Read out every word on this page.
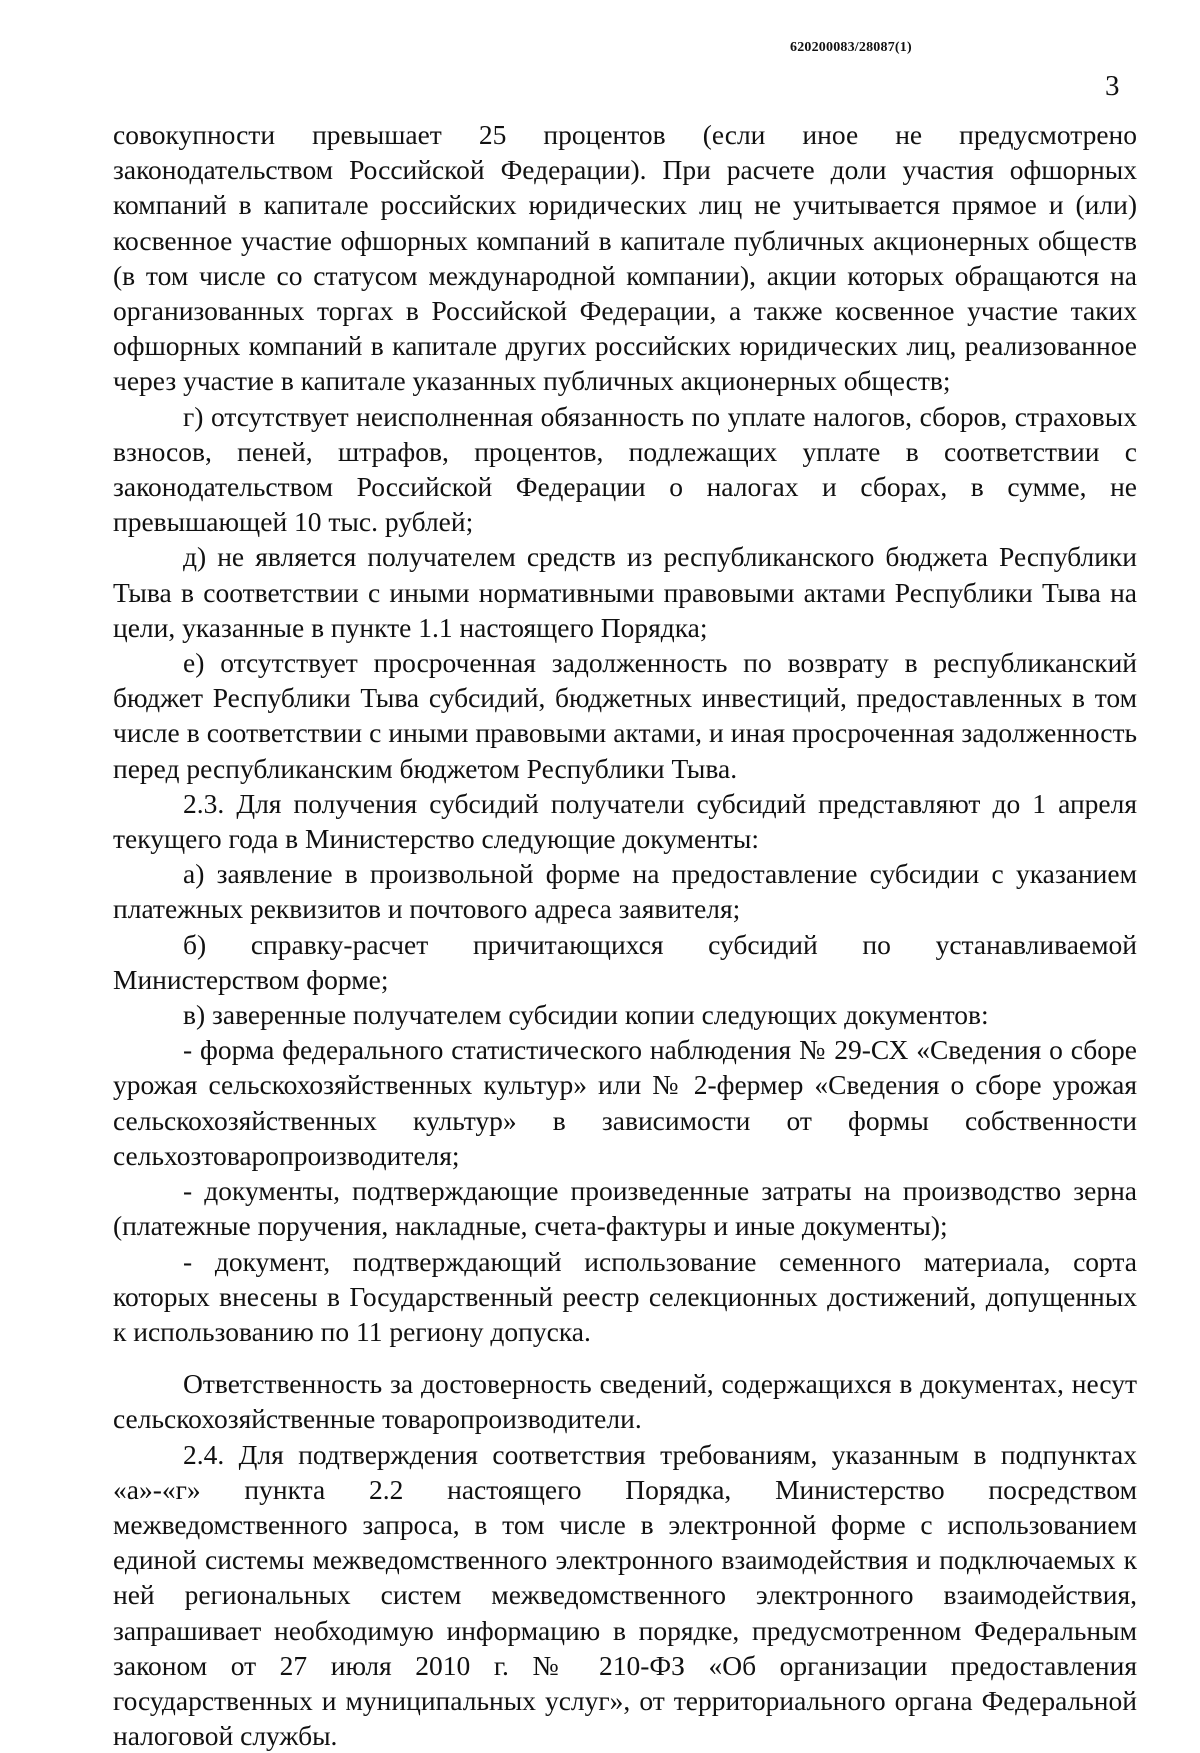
620200083/28087(1)
3

совокупности превышает 25 процентов (если иное не предусмотрено законодательством Российской Федерации). При расчете доли участия офшорных компаний в капитале российских юридических лиц не учитывается прямое и (или) косвенное участие офшорных компаний в капитале публичных акционерных обществ (в том числе со статусом международной компании), акции которых обращаются на организованных торгах в Российской Федерации, а также косвенное участие таких офшорных компаний в капитале других российских юридических лиц, реализованное через участие в капитале указанных публичных акционерных обществ;

г) отсутствует неисполненная обязанность по уплате налогов, сборов, страховых взносов, пеней, штрафов, процентов, подлежащих уплате в соответствии с законодательством Российской Федерации о налогах и сборах, в сумме, не превышающей 10 тыс. рублей;

д) не является получателем средств из республиканского бюджета Республики Тыва в соответствии с иными нормативными правовыми актами Республики Тыва на цели, указанные в пункте 1.1 настоящего Порядка;

е) отсутствует просроченная задолженность по возврату в республиканский бюджет Республики Тыва субсидий, бюджетных инвестиций, предоставленных в том числе в соответствии с иными правовыми актами, и иная просроченная задолженность перед республиканским бюджетом Республики Тыва.

2.3. Для получения субсидий получатели субсидий представляют до 1 апреля текущего года в Министерство следующие документы:

а) заявление в произвольной форме на предоставление субсидии с указанием платежных реквизитов и почтового адреса заявителя;

б) справку-расчет причитающихся субсидий по устанавливаемой Министерством форме;

в) заверенные получателем субсидии копии следующих документов:

- форма федерального статистического наблюдения № 29-СХ «Сведения о сборе урожая сельскохозяйственных культур» или № 2-фермер «Сведения о сборе урожая сельскохозяйственных культур» в зависимости от формы собственности сельхозтоваропроизводителя;

- документы, подтверждающие произведенные затраты на производство зерна (платежные поручения, накладные, счета-фактуры и иные документы);

- документ, подтверждающий использование семенного материала, сорта которых внесены в Государственный реестр селекционных достижений, допущенных к использованию по 11 региону допуска.

Ответственность за достоверность сведений, содержащихся в документах, несут сельскохозяйственные товаропроизводители.

2.4. Для подтверждения соответствия требованиям, указанным в подпунктах «а»-«г» пункта 2.2 настоящего Порядка, Министерство посредством межведомственного запроса, в том числе в электронной форме с использованием единой системы межведомственного электронного взаимодействия и подключаемых к ней региональных систем межведомственного электронного взаимодействия, запрашивает необходимую информацию в порядке, предусмотренном Федеральным законом от 27 июля 2010 г. № 210-ФЗ «Об организации предоставления государственных и муниципальных услуг», от территориального органа Федеральной налоговой службы.
